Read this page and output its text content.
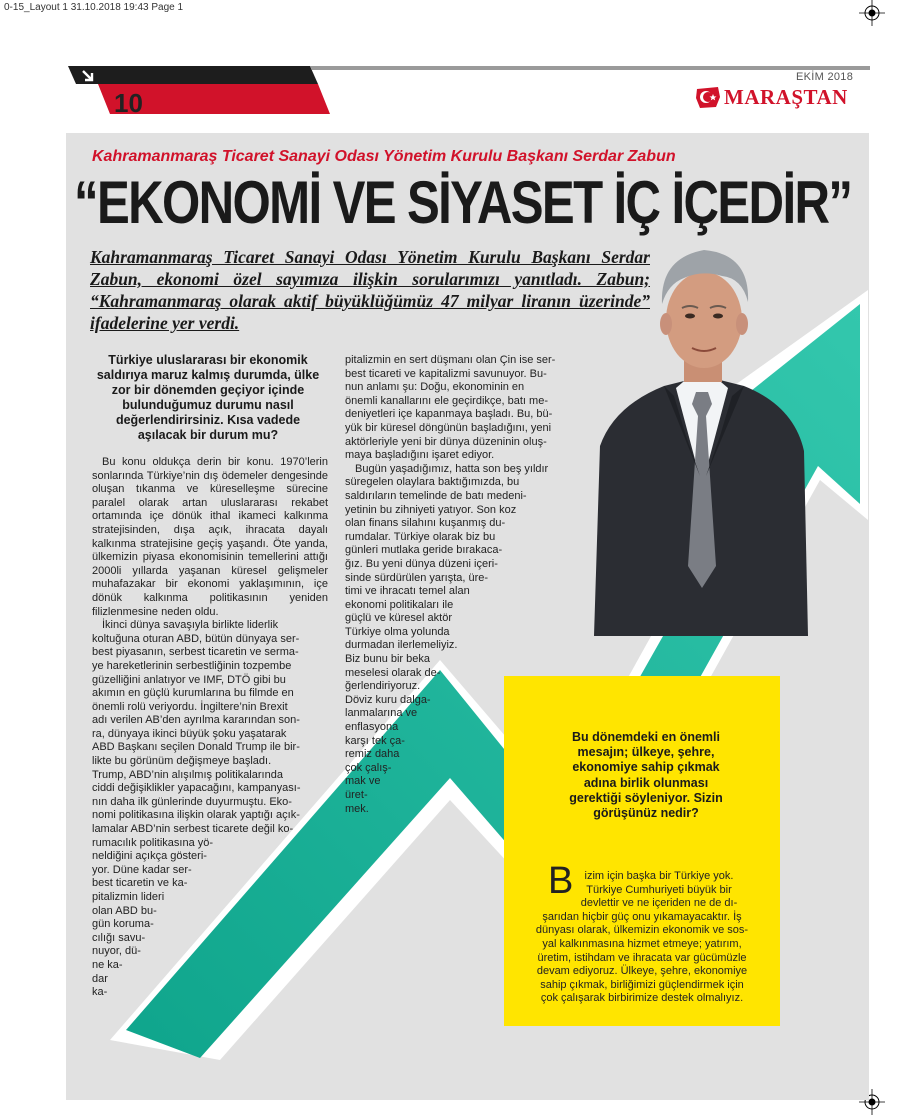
0-15_Layout 1 31.10.2018 19:43 Page 1
10
EKİM 2018
MARAŞTAN
Kahramanmaraş Ticaret Sanayi Odası Yönetim Kurulu Başkanı Serdar Zabun
“EKONOMİ VE SİYASET İÇ İÇEDİR”
Kahramanmaraş Ticaret Sanayi Odası Yönetim Kurulu Başkanı Serdar Zabun, ekonomi özel sayımıza ilişkin sorularımızı yanıtladı. Zabun; “Kahramanmaraş olarak aktif büyüklüğümüz 47 milyar liranın üzerinde” ifadelerine yer verdi.
Türkiye uluslararası bir ekonomik saldırıya maruz kalmış durumda, ülke zor bir dönemden geçiyor içinde bulunduğumuz durumu nasıl değerlendirirsiniz. Kısa vadede aşılacak bir durum mu?

Bu konu oldukça derin bir konu. 1970’lerin sonlarında Türkiye’nin dış ödemeler dengesinde oluşan tıkanma ve küreselleşme sürecine paralel olarak artan uluslararası rekabet ortamında içe dönük ithal ikameci kalkınma stratejisinden, dışa açık, ihracata dayalı kalkınma stratejisine geçiş yaşandı. Öte yanda, ülkemizin piyasa ekonomisinin temellerini attığı 2000li yıllarda yaşanan küresel gelişmeler muhafazakar bir ekonomi yaklaşımının, içe dönük kalkınma politikasının yeniden filizlenmesine neden oldu.

İkinci dünya savaşıyla birlikte liderlik
koltuğuna oturan ABD, bütün dünyaya ser-
best piyasanın, serbest ticaretin ve serma-
ye hareketlerinin serbestliğinin tozpembe
güzelliğini anlatıyor ve IMF, DTÖ gibi bu
akımın en güçlü kurumlarına bu filmde en
önemli rolü veriyordu. İngiltere’nin Brexit
adı verilen AB’den ayrılma kararından son-
ra, dünyaya ikinci büyük şoku yaşatarak
ABD Başkanı seçilen Donald Trump ile bir-
likte bu görünüm değişmeye başladı.
Trump, ABD’nin alışılmış politikalarında
ciddi değişiklikler yapacağını, kampanyası-
nın daha ilk günlerinde duyurmuştu. Eko-
nomi politikasına ilişkin olarak yaptığı açık-
lamalar ABD’nin serbest ticarete değil ko-
rumacılık politikasına yö-
neldiğini açıkça gösteri-
yor. Düne kadar ser-
best ticaretin ve ka-
pitalizmin lideri
olan ABD bu-
gün koruma-
cılığı savu-
nuyor, dü-
ne ka-
dar
ka-
pitalizmin en sert düşmanı olan Çin ise ser-
best ticareti ve kapitalizmi savunuyor. Bu-
nun anlamı şu: Doğu, ekonominin en
önemli kanallarını ele geçirdikçe, batı me-
deniyetleri içe kapanmaya başladı. Bu, bü-
yük bir küresel döngünün başladığını, yeni
aktörleriyle yeni bir dünya düzeninin oluş-
maya başladığını işaret ediyor.
Bugün yaşadığımız, hatta son beş yıldır
süregelen olaylara baktığımızda, bu
saldırıların temelinde de batı medeni-
yetinin bu zihniyeti yatıyor. Son koz
olan finans silahını kuşanmış du-
rumdalar. Türkiye olarak biz bu
günleri mutlaka geride bırakaca-
ğız. Bu yeni dünya düzeni içeri-
sinde sürdürülen yarışta, üre-
timi ve ihracatı temel alan
ekonomi politikaları ile
güçlü ve küresel aktör
Türkiye olma yolunda
durmadan ilerlemeliyiz.
Biz bunu bir beka
meselesi olarak de-
ğerlendiriyoruz.
Döviz kuru dalga-
lanmalarına ve
enflasyona
karşı tek ça-
remiz daha
çok çalış-
mak ve
üret-
mek.
Bu dönemdeki en önemli mesajın; ülkeye, şehre, ekonomiye sahip çıkmak adına birlik olunması gerektiği söyleniyor. Sizin görüşünüz nedir?
B	izim için başka bir Türkiye yok.
Türkiye Cumhuriyeti büyük bir
devlettir ve ne içeriden ne de dı-
şarıdan hiçbir güç onu yıkamayacaktır. İş
dünyası olarak, ülkemizin ekonomik ve sos-
yal kalkınmasına hizmet etmeye; yatırım,
üretim, istihdam ve ihracata var gücümüzle
devam ediyoruz. Ülkeye, şehre, ekonomiye
sahip çıkmak, birliğimizi güçlendirmek için
çok çalışarak birbirimize destek olmalıyız.
